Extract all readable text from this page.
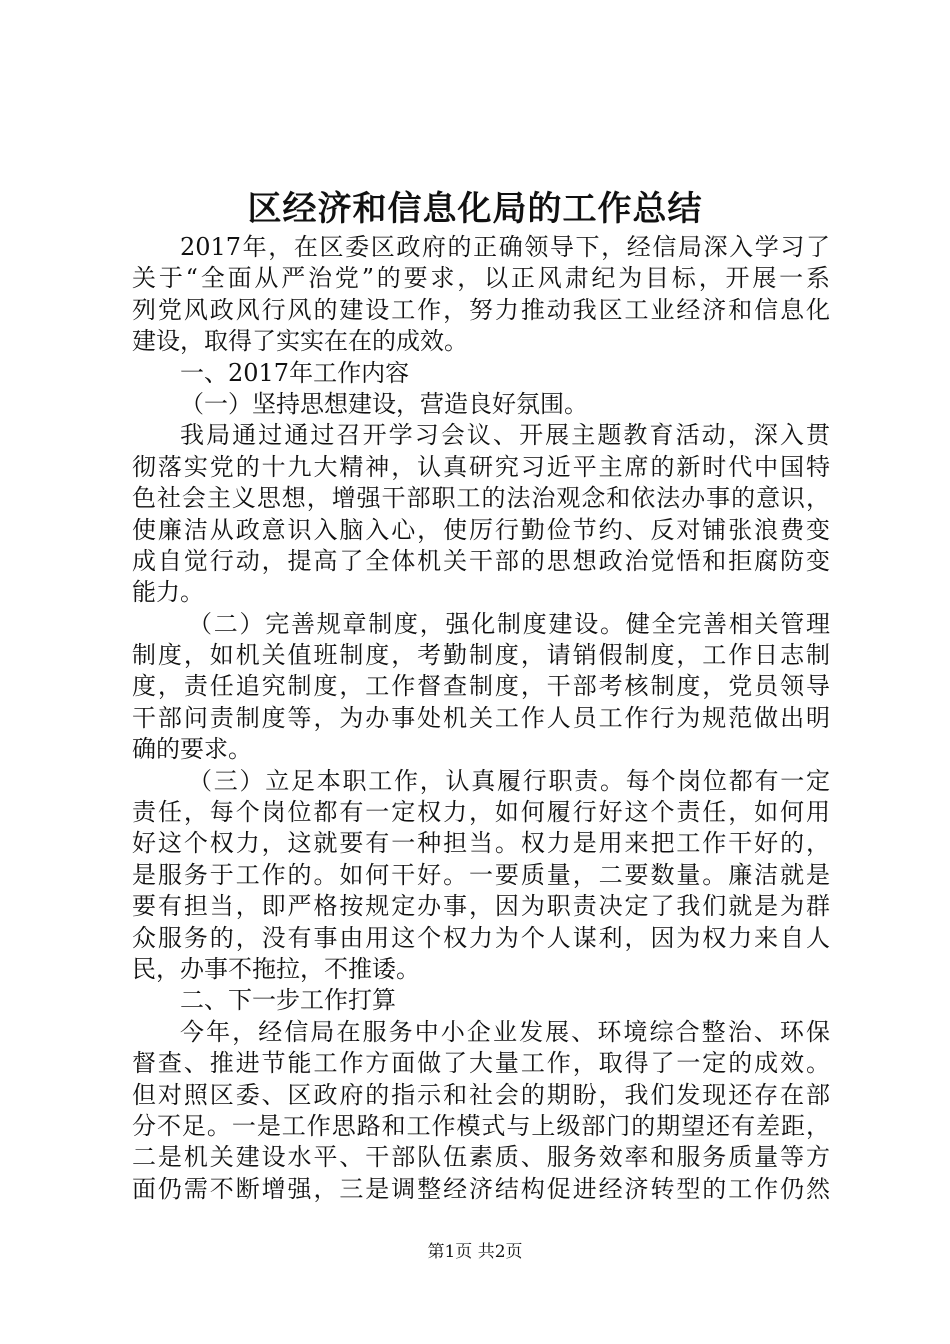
区经济和信息化局的工作总结
2017年，在区委区政府的正确领导下，经信局深入学习了
关于“全面从严治党”的要求，以正风肃纪为目标，开展一系
列党风政风行风的建设工作，努力推动我区工业经济和信息化
建设，取得了实实在在的成效。
一、2017年工作内容
（一）坚持思想建设，营造良好氛围。
我局通过通过召开学习会议、开展主题教育活动，深入贯
彻落实党的十九大精神，认真研究习近平主席的新时代中国特
色社会主义思想，增强干部职工的法治观念和依法办事的意识，
使廉洁从政意识入脑入心，使厉行勤俭节约、反对铺张浪费变
成自觉行动，提高了全体机关干部的思想政治觉悟和拒腐防变
能力。
（二）完善规章制度，强化制度建设。健全完善相关管理
制度，如机关值班制度，考勤制度，请销假制度，工作日志制
度，责任追究制度，工作督查制度，干部考核制度，党员领导
干部问责制度等，为办事处机关工作人员工作行为规范做出明
确的要求。
（三）立足本职工作，认真履行职责。每个岗位都有一定
责任，每个岗位都有一定权力，如何履行好这个责任，如何用
好这个权力，这就要有一种担当。权力是用来把工作干好的，
是服务于工作的。如何干好。一要质量，二要数量。廉洁就是
要有担当，即严格按规定办事，因为职责决定了我们就是为群
众服务的，没有事由用这个权力为个人谋利，因为权力来自人
民，办事不拖拉，不推诿。
二、下一步工作打算
今年，经信局在服务中小企业发展、环境综合整治、环保
督查、推进节能工作方面做了大量工作，取得了一定的成效。
但对照区委、区政府的指示和社会的期盼，我们发现还存在部
分不足。一是工作思路和工作模式与上级部门的期望还有差距，
二是机关建设水平、干部队伍素质、服务效率和服务质量等方
面仍需不断增强，三是调整经济结构促进经济转型的工作仍然
第1页 共2页
